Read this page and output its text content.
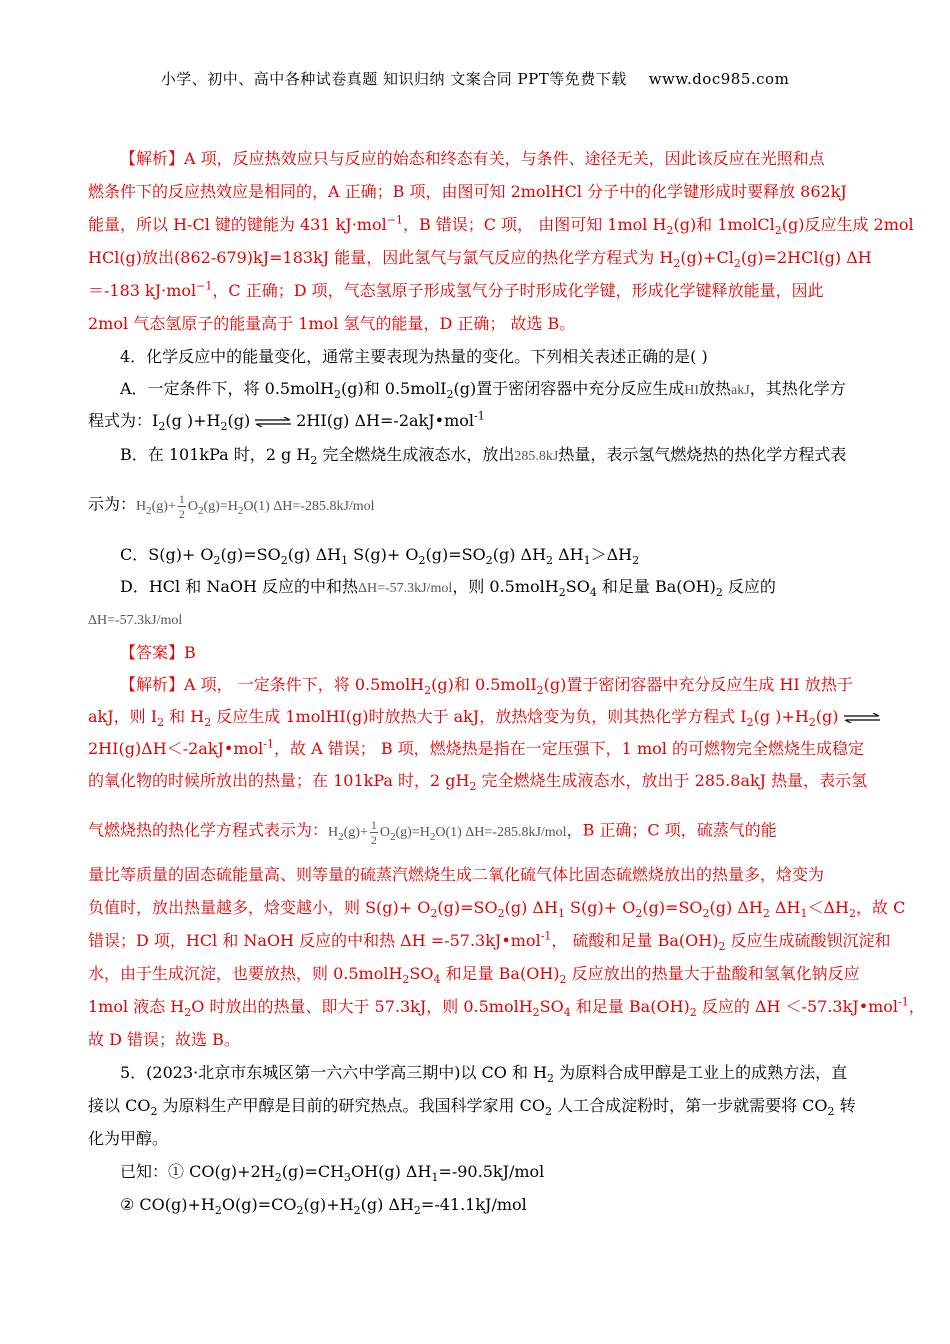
小学、初中、高中各种试卷真题 知识归纳 文案合同 PPT等免费下载 www.doc985.com
【解析】A 项，反应热效应只与反应的始态和终态有关，与条件、途径无关，因此该反应在光照和点
燃条件下的反应热效应是相同的，A 正确；B 项，由图可知 2molHCl 分子中的化学键形成时要释放 862kJ
能量，所以 H-Cl 键的键能为 431 kJ·mol$^{-1}$，B 错误；C 项， 由图可知 1mol $H_2(g)$和 1molCl$_2$(g)反应生成 2mol
HCl(g)放出(862-679)kJ=183kJ 能量，因此氢气与氯气反应的热化学方程式为 $H_2(g)+Cl_2(g)=2HCl(g)$ ΔH
＝-183 kJ·mol$^{-1}$，C 正确；D 项，气态氢原子形成氢气分子时形成化学键，形成化学键释放能量，因此
2mol 气态氢原子的能量高于 1mol 氢气的能量，D 正确； 故选 B。
4．化学反应中的能量变化，通常主要表现为热量的变化。下列相关表述正确的是( )
A．一定条件下，将 0.5molH$_2$(g)和 0.5molI$_2$(g)置于密闭容器中充分反应生成HI放热akJ，其热化学方
程式为：$I_2(g$ )$+H_2(g)$ ⇌ 2HI(g) ΔH=-2akJ•mol$^{-1}$
B．在 101kPa 时，2 g $H_2$ 完全燃烧生成液态水，放出285.8kJ热量，表示氢气燃烧热的热化学方程式表
示为：$H_2(g)+ \frac{1}{2} O_2(g)=H_2O(1)$ ΔH=-285.8kJ/mol
C．$S(g)+ O_2(g)=SO_2(g)$ $\Delta H_1$ $S(g)+ O_2(g)=SO_2(g)$ $\Delta H_2$ $\Delta H_1>\Delta H_2$
D．HCl 和 NaOH 反应的中和热ΔH=-57.3kJ/mol，则 $0.5molH_2SO_4$ 和足量 $Ba(OH)_2$ 反应的
ΔH=-57.3kJ/mol
【答案】B
【解析】A 项， 一定条件下，将 0.5molH$_2$(g)和 0.5molI$_2$(g)置于密闭容器中充分反应生成 HI 放热于
akJ，则 $I_2$ 和 $H_2$ 反应生成 1molHI(g)时放热大于 akJ，放热焓变为负，则其热化学方程式 $I_2(g$ )$+H_2(g)$ ⇌
2HI(g)ΔH＜-2akJ•mol$^{-1}$，故 A 错误； B 项，燃烧热是指在一定压强下，1 mol 的可燃物完全燃烧生成稳定
的氧化物的时候所放出的热量；在 101kPa 时，2 $gH_2$ 完全燃烧生成液态水，放出于 285.8akJ 热量，表示氢
气燃烧热的热化学方程式表示为：$H_2(g)+ \frac{1}{2} O_2(g)=H_2O(1)$ ΔH=-285.8kJ/mol，B 正确；C 项，硫蒸气的能
量比等质量的固态硫能量高、则等量的硫蒸汽燃烧生成二氧化硫气体比固态硫燃烧放出的热量多，焓变为
负值时，放出热量越多，焓变越小，则 $S(g)+ O_2(g)=SO_2(g)$ $\Delta H_1$ $S(g)+ O_2(g)=SO_2(g)$ $\Delta H_2$ $\Delta H_1<\Delta H_2$，故 C
错误；D 项，HCl 和 NaOH 反应的中和热 ΔH =-57.3kJ•mol$^{-1}$， 硫酸和足量 $Ba(OH)_2$ 反应生成硫酸钡沉淀和
水，由于生成沉淀，也要放热，则 $0.5molH_2SO_4$ 和足量 $Ba(OH)_2$ 反应放出的热量大于盐酸和氢氧化钠反应
1mol 液态 $H_2O$ 时放出的热量、即大于 57.3kJ，则 $0.5molH_2SO_4$ 和足量 $Ba(OH)_2$ 反应的 ΔH ＜-57.3kJ•mol$^{-1}$，
故 D 错误；故选 B。
5．(2023·北京市东城区第一六六中学高三期中)以 CO 和 $H_2$ 为原料合成甲醇是工业上的成熟方法，直
接以 $CO_2$ 为原料生产甲醇是目前的研究热点。我国科学家用 $CO_2$ 人工合成淀粉时，第一步就需要将 $CO_2$ 转
化为甲醇。
已知：① $CO(g)+2H_2(g)=CH_3OH(g)$ $\Delta H_1=-90.5kJ$/mol
② $CO(g)+H_2O(g)=CO_2(g)+H_2(g)$ $\Delta H_2=-41.1kJ$/mol
